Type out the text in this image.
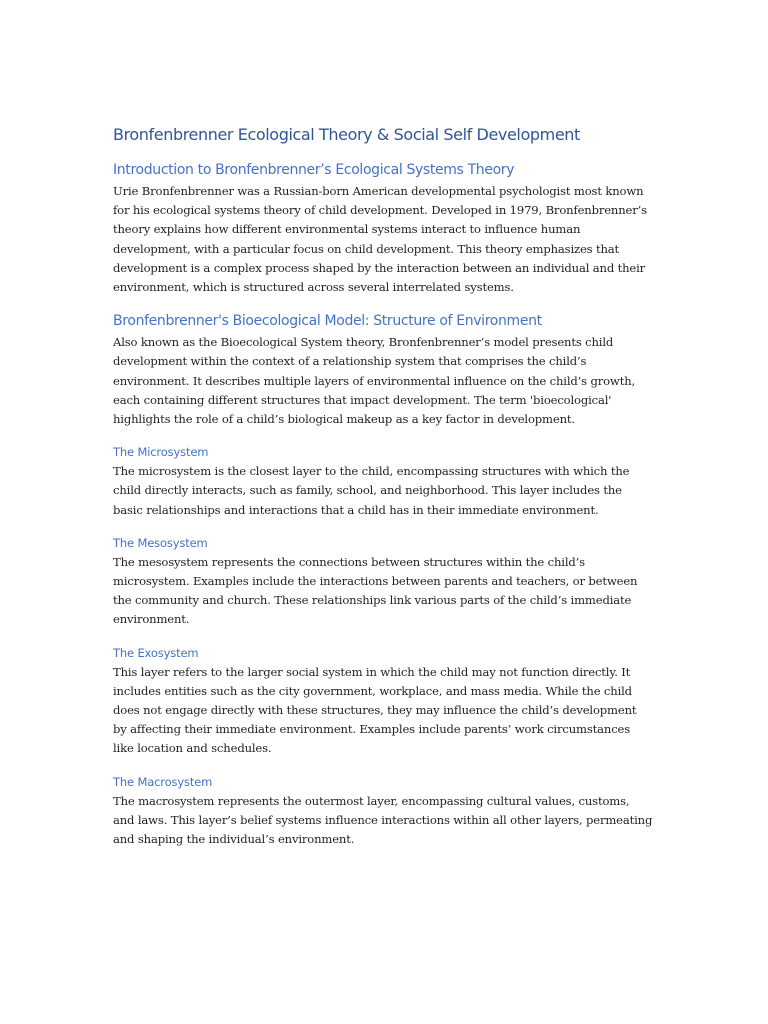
Bronfenbrenner Ecological Theory & Social Self Development
Introduction to Bronfenbrenner’s Ecological Systems Theory

Urie Bronfenbrenner was a Russian-born American developmental psychologist most known for his ecological systems theory of child development. Developed in 1979, Bronfenbrenner’s theory explains how different environmental systems interact to influence human development, with a particular focus on child development. This theory emphasizes that development is a complex process shaped by the interaction between an individual and their environment, which is structured across several interrelated systems.

Bronfenbrenner's Bioecological Model: Structure of Environment

Also known as the Bioecological System theory, Bronfenbrenner’s model presents child development within the context of a relationship system that comprises the child’s environment. It describes multiple layers of environmental influence on the child’s growth, each containing different structures that impact development. The term 'bioecological' highlights the role of a child’s biological makeup as a key factor in development.

The Microsystem

The microsystem is the closest layer to the child, encompassing structures with which the child directly interacts, such as family, school, and neighborhood. This layer includes the basic relationships and interactions that a child has in their immediate environment.

The Mesosystem

The mesosystem represents the connections between structures within the child’s microsystem. Examples include the interactions between parents and teachers, or between the community and church. These relationships link various parts of the child’s immediate environment.

The Exosystem

This layer refers to the larger social system in which the child may not function directly. It includes entities such as the city government, workplace, and mass media. While the child does not engage directly with these structures, they may influence the child’s development by affecting their immediate environment. Examples include parents’ work circumstances like location and schedules.

The Macrosystem

The macrosystem represents the outermost layer, encompassing cultural values, customs, and laws. This layer’s belief systems influence interactions within all other layers, permeating and shaping the individual’s environment.
